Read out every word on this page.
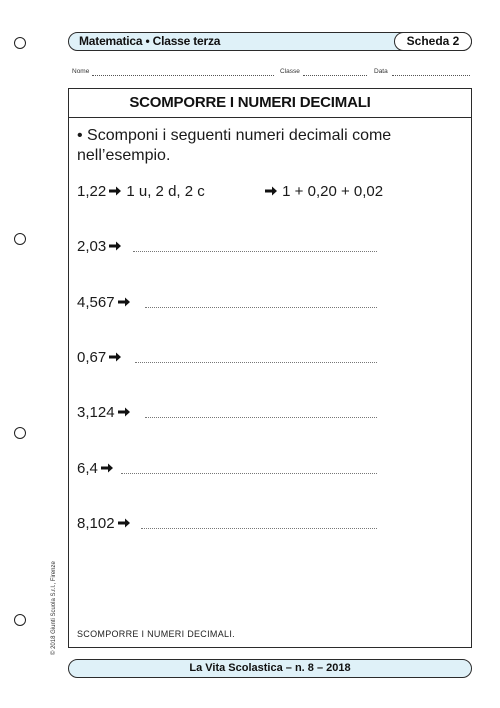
Matematica • Classe terza	Scheda 2
Nome	Classe	Data
SCOMPORRE I NUMERI DECIMALI
• Scomponi i seguenti numeri decimali come nell’esempio.
1,22 1 u, 2 d, 2 c	1 + 0,20 + 0,02
2,03
4,567
0,67
3,124
6,4
8,102
SCOMPORRE I NUMERI DECIMALI.
© 2018 Giunti Scuola S.r.l., Firenze
La Vita Scolastica – n. 8 – 2018
